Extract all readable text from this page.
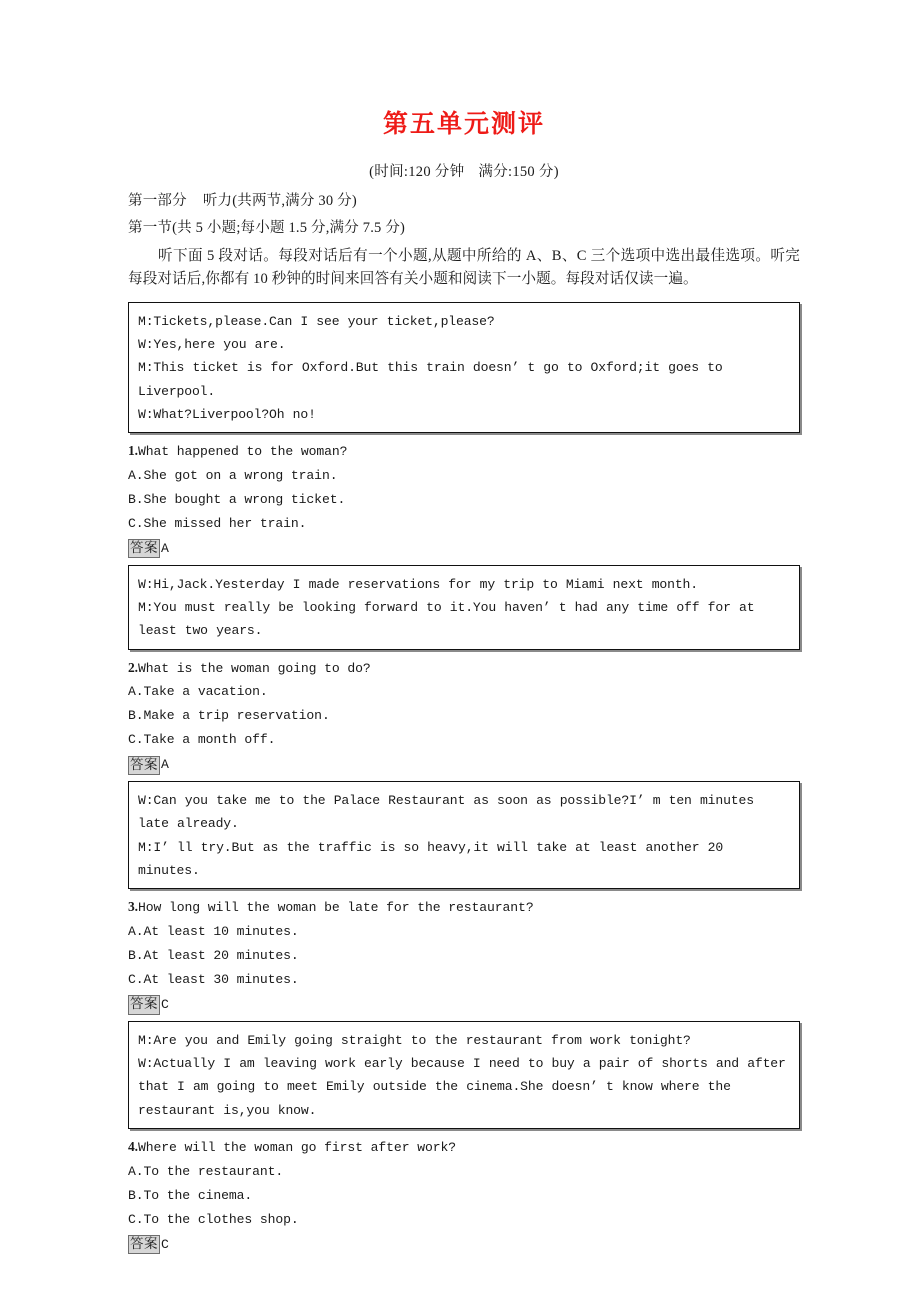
第五单元测评
(时间:120 分钟 满分:150 分)
第一部分 听力(共两节,满分 30 分)
第一节(共 5 小题;每小题 1.5 分,满分 7.5 分)

听下面 5 段对话。每段对话后有一个小题,从题中所给的 A、B、C 三个选项中选出最佳选项。听完每段对话后,你都有 10 秒钟的时间来回答有关小题和阅读下一小题。每段对话仅读一遍。

M:Tickets,please.Can I see your ticket,please?
W:Yes,here you are.
M:This ticket is for Oxford.But this train doesn’ t go to Oxford;it goes to Liverpool.
W:What?Liverpool?Oh no!
1.What happened to the woman?
A.She got on a wrong train.
B.She bought a wrong ticket.
C.She missed her train.
答案 A
W:Hi,Jack.Yesterday I made reservations for my trip to Miami next month.
M:You must really be looking forward to it.You haven’ t had any time off for at least two years.
2.What is the woman going to do?
A.Take a vacation.
B.Make a trip reservation.
C.Take a month off.
答案 A
W:Can you take me to the Palace Restaurant as soon as possible?I’ m ten minutes late already.
M:I’ ll try.But as the traffic is so heavy,it will take at least another 20 minutes.
3.How long will the woman be late for the restaurant?
A.At least 10 minutes.
B.At least 20 minutes.
C.At least 30 minutes.
答案 C
M:Are you and Emily going straight to the restaurant from work tonight?
W:Actually I am leaving work early because I need to buy a pair of shorts and after that I am going to meet Emily outside the cinema.She doesn’ t know where the restaurant is,you know.
4.Where will the woman go first after work?
A.To the restaurant.
B.To the cinema.
C.To the clothes shop.
答案 C
